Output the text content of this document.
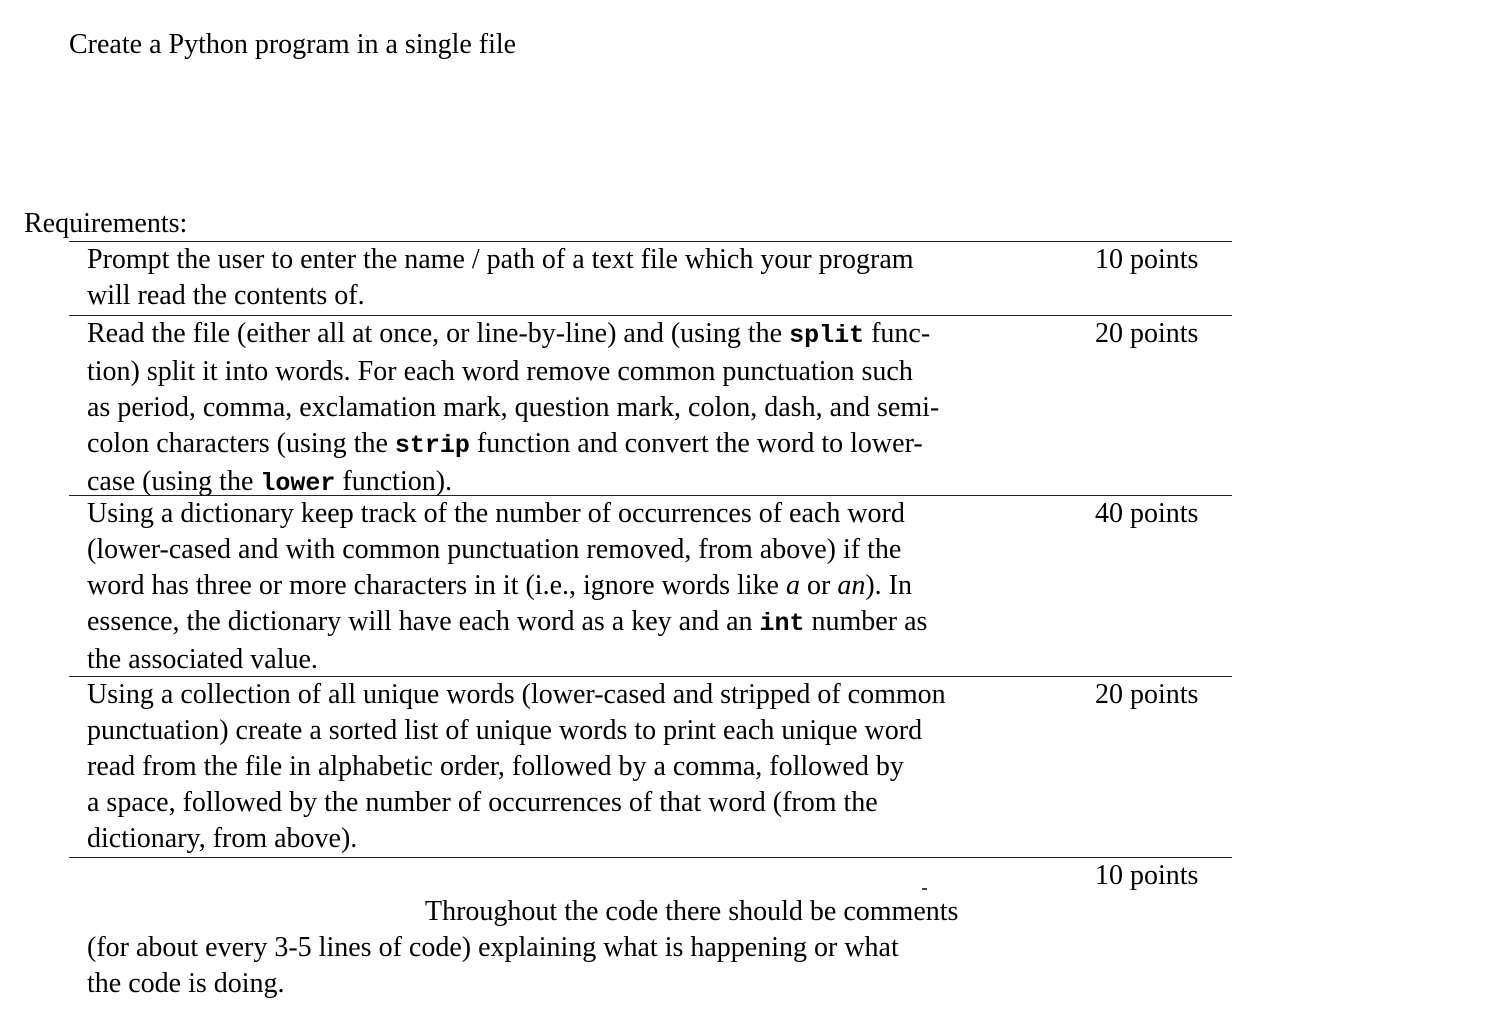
Create a Python program in a single file
Requirements:
Prompt the user to enter the name / path of a text file which your program
will read the contents of.
10 points
Read the file (either all at once, or line-by-line) and (using the split func-
tion) split it into words. For each word remove common punctuation such
as period, comma, exclamation mark, question mark, colon, dash, and semi-
colon characters (using the strip function and convert the word to lower-
case (using the lower function).
20 points
Using a dictionary keep track of the number of occurrences of each word
(lower-cased and with common punctuation removed, from above) if the
word has three or more characters in it (i.e., ignore words like a or an). In
essence, the dictionary will have each word as a key and an int number as
the associated value.
40 points
Using a collection of all unique words (lower-cased and stripped of common
punctuation) create a sorted list of unique words to print each unique word
read from the file in alphabetic order, followed by a comma, followed by
a space, followed by the number of occurrences of that word (from the
dictionary, from above).
20 points
Throughout the code there should be comments
(for about every 3-5 lines of code) explaining what is happening or what
the code is doing.
10 points
